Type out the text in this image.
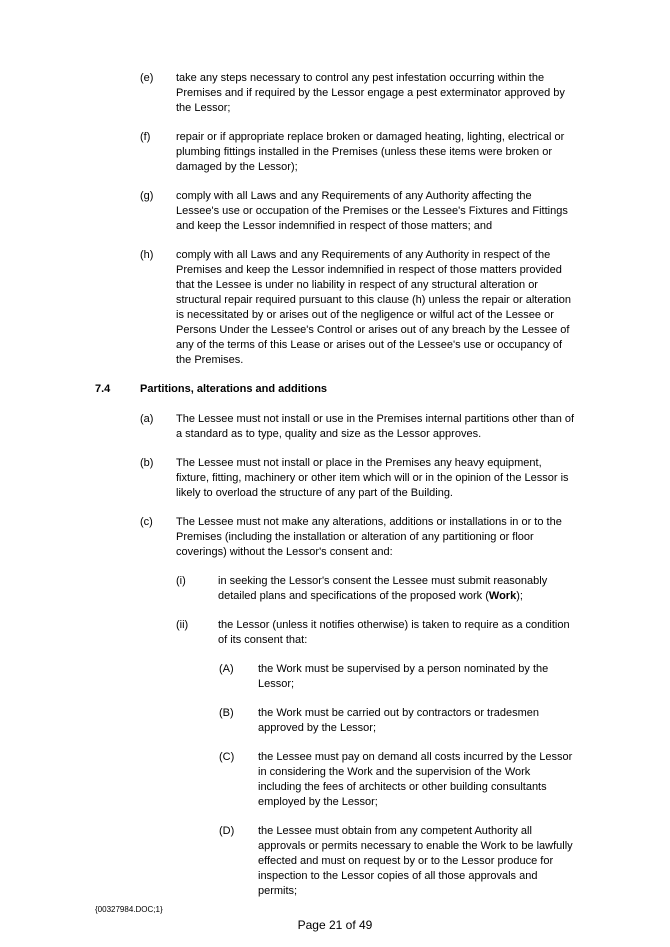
(e)	take any steps necessary to control any pest infestation occurring within the Premises and if required by the Lessor engage a pest exterminator approved by the Lessor;
(f)	repair or if appropriate replace broken or damaged heating, lighting, electrical or plumbing fittings installed in the Premises (unless these items were broken or damaged by the Lessor);
(g)	comply with all Laws and any Requirements of any Authority affecting the Lessee's use or occupation of the Premises or the Lessee's Fixtures and Fittings and keep the Lessor indemnified in respect of those matters; and
(h)	comply with all Laws and any Requirements of any Authority in respect of the Premises and keep the Lessor indemnified in respect of those matters provided that the Lessee is under no liability in respect of any structural alteration or structural repair required pursuant to this clause (h) unless the repair or alteration is necessitated by or arises out of the negligence or wilful act of the Lessee or Persons Under the Lessee's Control or arises out of any breach by the Lessee of any of the terms of this Lease or arises out of the Lessee's use or occupancy of the Premises.
7.4	Partitions, alterations and additions
(a)	The Lessee must not install or use in the Premises internal partitions other than of a standard as to type, quality and size as the Lessor approves.
(b)	The Lessee must not install or place in the Premises any heavy equipment, fixture, fitting, machinery or other item which will or in the opinion of the Lessor is likely to overload the structure of any part of the Building.
(c)	The Lessee must not make any alterations, additions or installations in or to the Premises (including the installation or alteration of any partitioning or floor coverings) without the Lessor's consent and:
(i)	in seeking the Lessor's consent the Lessee must submit reasonably detailed plans and specifications of the proposed work (Work);
(ii)	the Lessor (unless it notifies otherwise) is taken to require as a condition of its consent that:
(A)	the Work must be supervised by a person nominated by the Lessor;
(B)	the Work must be carried out by contractors or tradesmen approved by the Lessor;
(C)	the Lessee must pay on demand all costs incurred by the Lessor in considering the Work and the supervision of the Work including the fees of architects or other building consultants employed by the Lessor;
(D)	the Lessee must obtain from any competent Authority all approvals or permits necessary to enable the Work to be lawfully effected and must on request by or to the Lessor produce for inspection to the Lessor copies of all those approvals and permits;
{00327984.DOC;1}
Page 21 of 49
